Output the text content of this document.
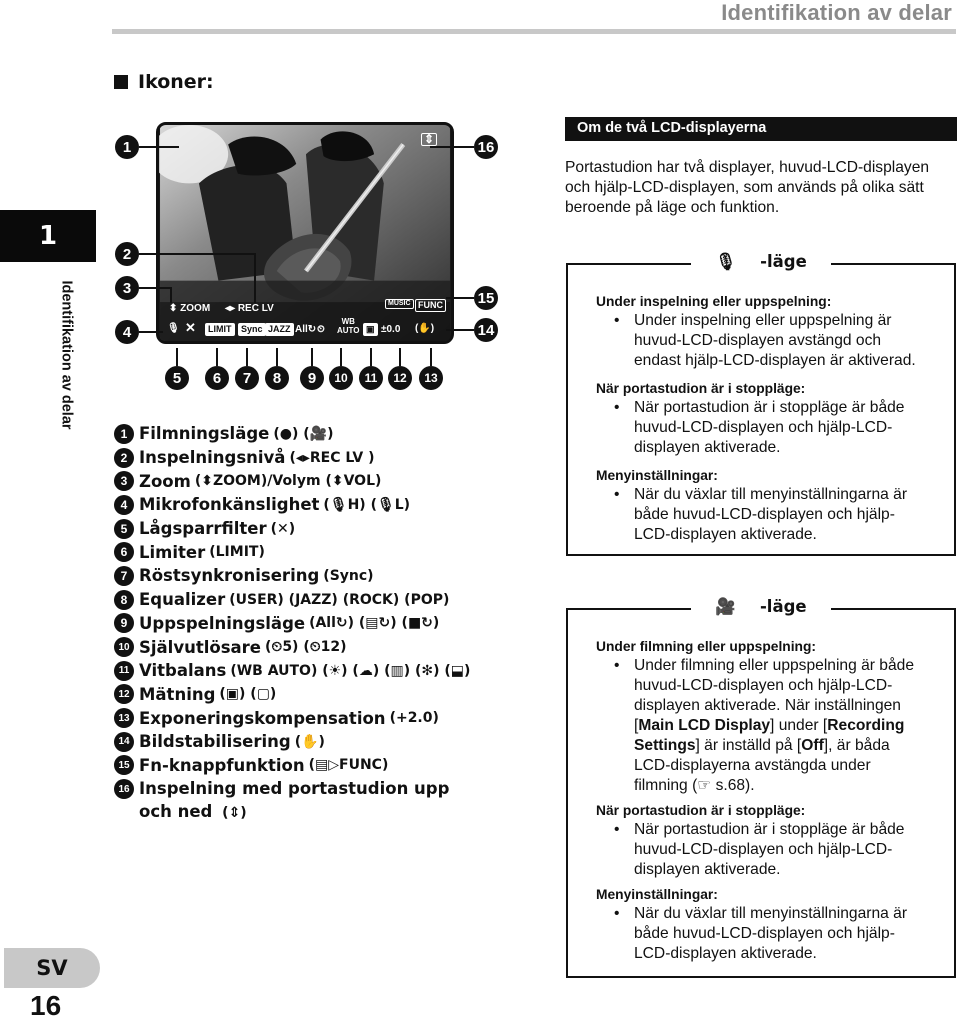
Identifikation av delar
Ikoner:
1
Identifikation av delar
SV
16
⇕
⬍ ZOOM ◂▸ REC LV	MUSIC FUNC
🎙 ✕	LIMIT	Sync JAZZ All↻ ⏲
WB
AUTO ▣ ±0.0 (✋)
1	16
2
3
4
15
14
5	6	7	8	9	10	11	12	13
1 Filmningsläge (●) (🎥)
2 Inspelningsnivå (◂▸REC LV )
3 Zoom (⬍ZOOM)/Volym (⬍VOL)
4 Mikrofonkänslighet (🎙H) (🎙L)
5 Lågsparrfilter (✕)
6 Limiter (LIMIT)
7 Röstsynkronisering (Sync)
8 Equalizer (USER) (JAZZ) (ROCK) (POP)
9 Uppspelningsläge (All↻) (▤↻) (■↻)
10 Självutlösare (⏲5) (⏲12)
11 Vitbalans (WB AUTO) (☀) (☁) (▥) (✻) (⬓)
12 Mätning (▣) (▢)
13 Exponeringskompensation (+2.0)
14 Bildstabilisering (✋)
15 Fn-knappfunktion (▤▷FUNC)
16 Inspelning med portastudion upp och ned (⇕)
Om de två LCD-displayerna
Portastudion har två displayer, huvud-LCD-displayen och hjälp-LCD-displayen, som används på olika sätt beroende på läge och funktion.
🎙 -läge
Under inspelning eller uppspelning:
• Under inspelning eller uppspelning är huvud-LCD-displayen avstängd och endast hjälp-LCD-displayen är aktiverad.
När portastudion är i stoppläge:
• När portastudion är i stoppläge är både huvud-LCD-displayen och hjälp-LCD-displayen aktiverade.
Menyinställningar:
• När du växlar till menyinställningarna är både huvud-LCD-displayen och hjälp-LCD-displayen aktiverade.
🎥 -läge
Under filmning eller uppspelning:
• Under filmning eller uppspelning är både huvud-LCD-displayen och hjälp-LCD-displayen aktiverade. När inställningen [Main LCD Display] under [Recording Settings] är inställd på [Off], är båda LCD-displayerna avstängda under filmning (☞ s.68).
När portastudion är i stoppläge:
• När portastudion är i stoppläge är både huvud-LCD-displayen och hjälp-LCD-displayen aktiverade.
Menyinställningar:
• När du växlar till menyinställningarna är både huvud-LCD-displayen och hjälp-LCD-displayen aktiverade.
